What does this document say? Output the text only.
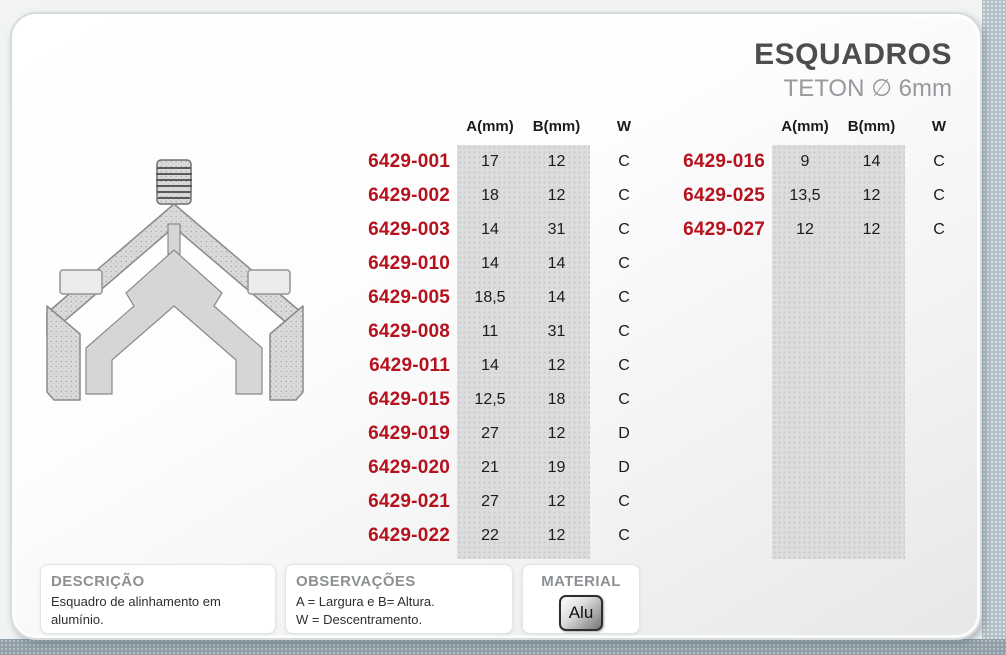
ESQUADROS
TETON ∅ 6mm
A(mm)	B(mm)	W
6429-001	17	12	C
6429-002	18	12	C
6429-003	14	31	C
6429-010	14	14	C
6429-005	18,5	14	C
6429-008	11	31	C
6429-011	14	12	C
6429-015	12,5	18	C
6429-019	27	12	D
6429-020	21	19	D
6429-021	27	12	C
6429-022	22	12	C
A(mm)	B(mm)	W
6429-016	9	14	C
6429-025	13,5	12	C
6429-027	12	12	C
DESCRIÇÃO
Esquadro de alinhamento em alumínio.
OBSERVAÇÕES
A = Largura e B= Altura.
W = Descentramento.
MATERIAL
Alu
